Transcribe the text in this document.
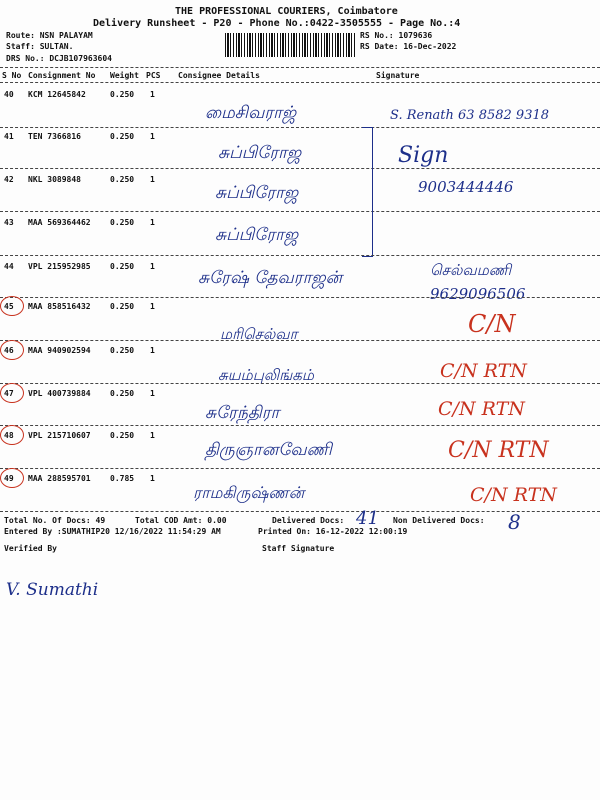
THE PROFESSIONAL COURIERS, Coimbatore
Delivery Runsheet - P20 - Phone No.:0422-3505555 - Page No.:4
Route: NSN PALAYAM
Staff: SULTAN.
DRS No.: DCJB107963604
RS No.: 1079636
RS Date: 16-Dec-2022
S No Consignment No Weight PCS Consignee Details	Signature
40 KCM 12645842	0.250 1
மைசிவராஜ்	S. Renath 63 8582 9318
41 TEN 7366816	0.250 1
சுப்பிரோஜ	Sign
42 NKL 3089848	0.250 1
சுப்பிரோஜ	9003444446
43 MAA 569364462 0.250 1
சுப்பிரோஜ
44 VPL 215952985 0.250 1
சுரேஷ் தேவராஜன்	செல்வமணி 9629096506
45 MAA 858516432 0.250 1
மரிசெல்வா	C/N
46 MAA 940902594 0.250 1
சுயம்புலிங்கம்	C/N RTN
47 VPL 400739884 0.250 1
சுரேந்திரா	C/N RTN
48 VPL 215710607 0.250 1
திருஞானவேணி	C/N RTN
49 MAA 288595701 0.785 1
ராமகிருஷ்ணன்	C/N RTN
Total No. Of Docs: 49	Total COD Amt: 0.00	Delivered Docs: 41 Non Delivered Docs: 8
Entered By :SUMATHIP20 12/16/2022 11:54:29 AM	Printed On: 16-12-2022 12:00:19
Verified By	Staff Signature
V. Sumathi
